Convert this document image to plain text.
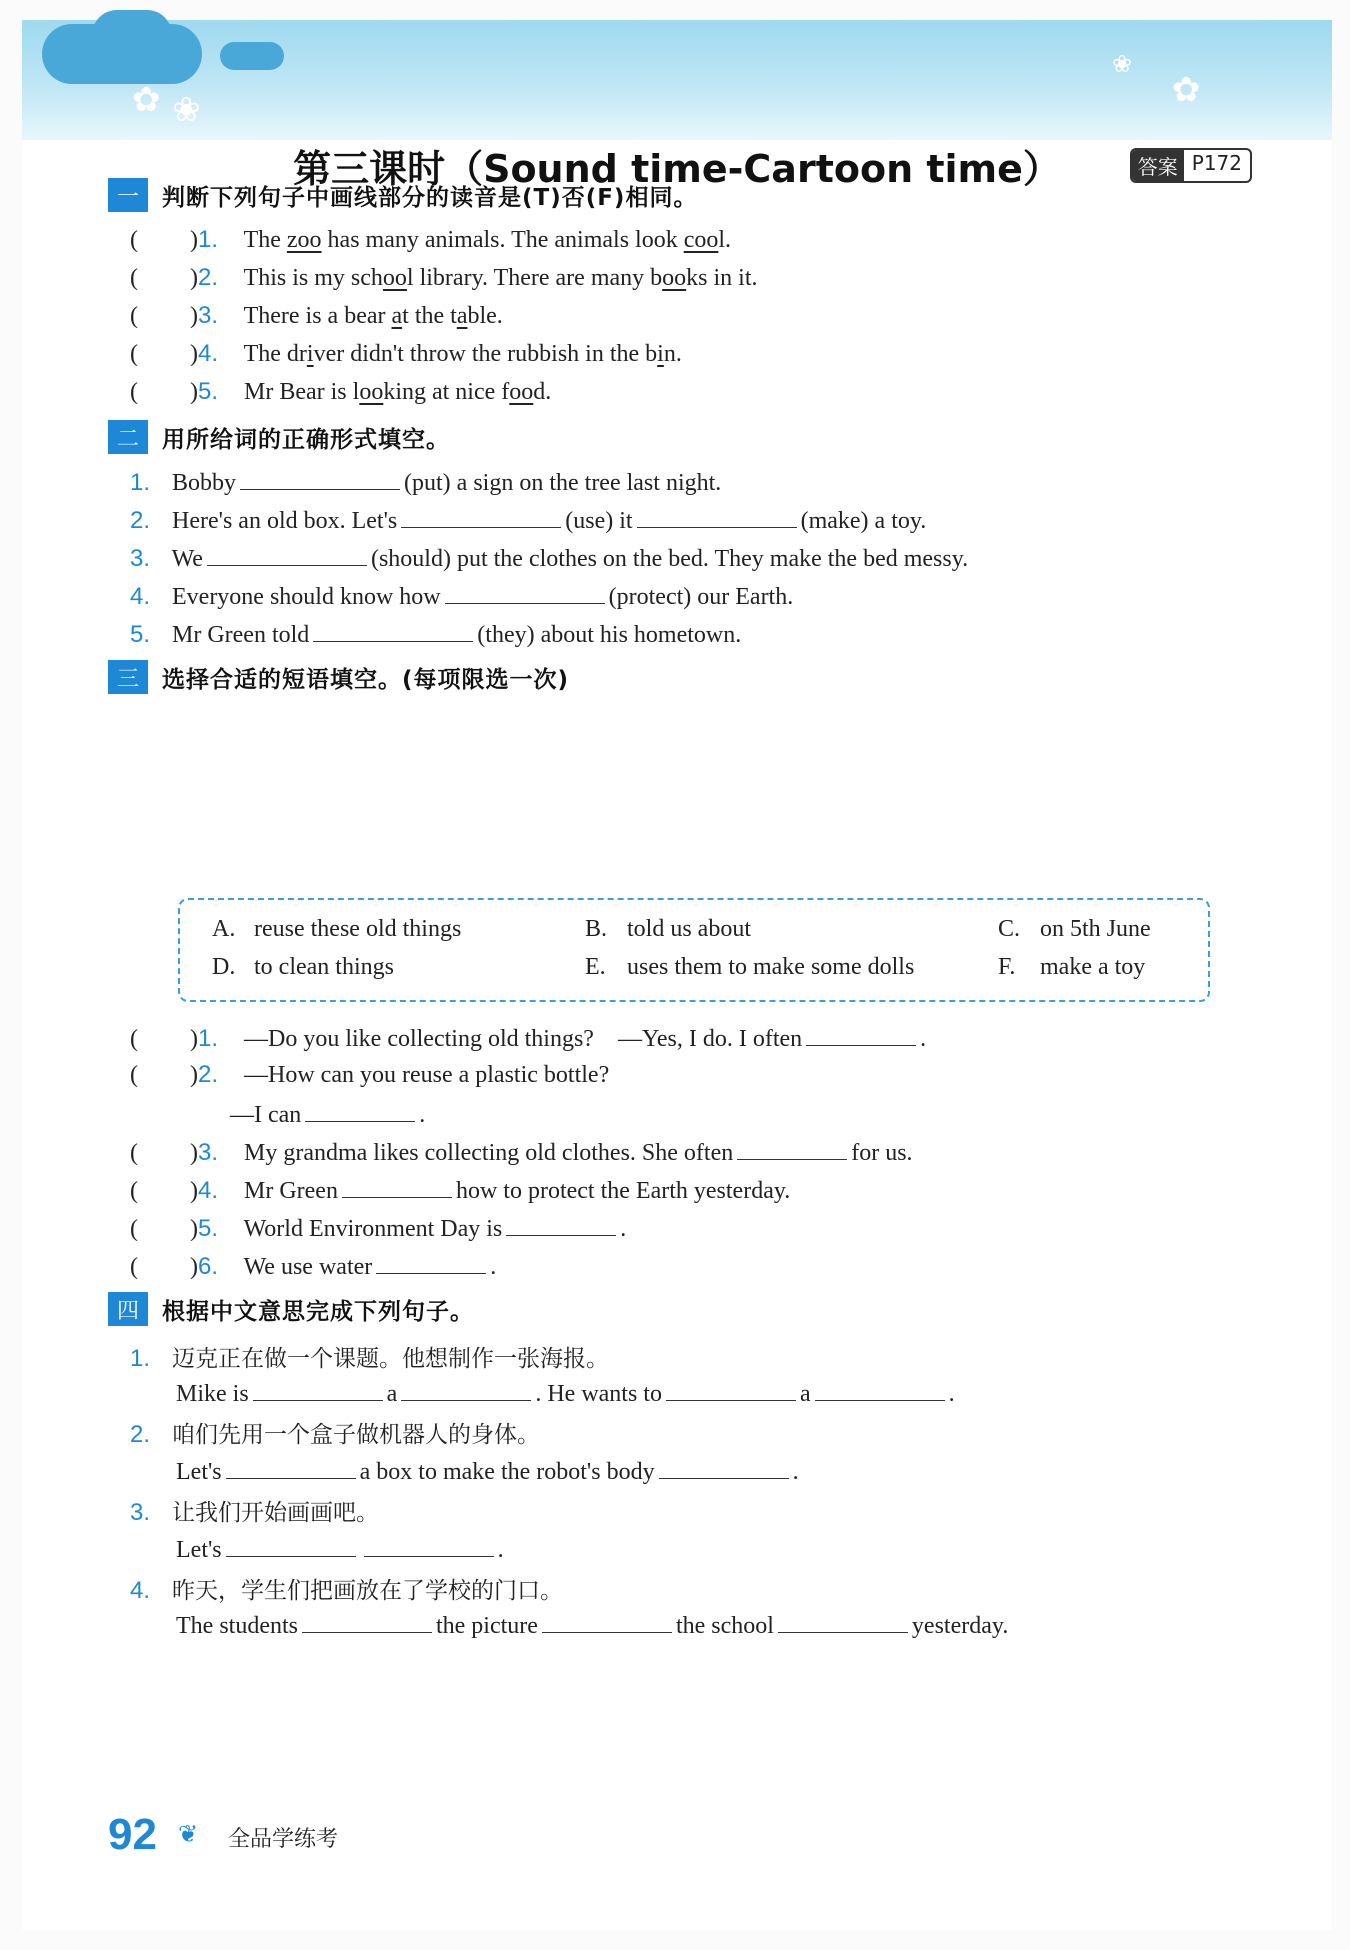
✿ ❀	✿
❀
第三课时（Sound time-Cartoon time）	答案 P172
一	判断下列句子中画线部分的读音是(T)否(F)相同。
( )1. The zoo has many animals. The animals look cool.
( )2. This is my school library. There are many books in it.
( )3. There is a bear at the table.
( )4. The driver didn't throw the rubbish in the bin.
( )5. Mr Bear is looking at nice food.
二	用所给词的正确形式填空。
1. Bobby	(put) a sign on the tree last night.
2. Here's an old box. Let's	(use) it	(make) a toy.
3. We	(should) put the clothes on the bed. They make the bed messy.
4. Everyone should know how	(protect) our Earth.
5. Mr Green told	(they) about his hometown.
三	选择合适的短语填空。(每项限选一次)
A. reuse these old things	B. told us about	C. on 5th June
D. to clean things	E. uses them to make some dolls	F. make a toy
( )1. —Do you like collecting old things? —Yes, I do. I often	.
( )2. —How can you reuse a plastic bottle?
—I can	.
( )3. My grandma likes collecting old clothes. She often	for us.
( )4. Mr Green	how to protect the Earth yesterday.
( )5. World Environment Day is	.
( )6. We use water	.
四	根据中文意思完成下列句子。
1. 迈克正在做一个课题。他想制作一张海报。
Mike is	a	. He wants to	a	.
2. 咱们先用一个盒子做机器人的身体。
Let's	a box to make the robot's body	.
3. 让我们开始画画吧。
Let's	.
4. 昨天，学生们把画放在了学校的门口。
The students	the picture	the school	yesterday.
92 ❦ 全品学练考
